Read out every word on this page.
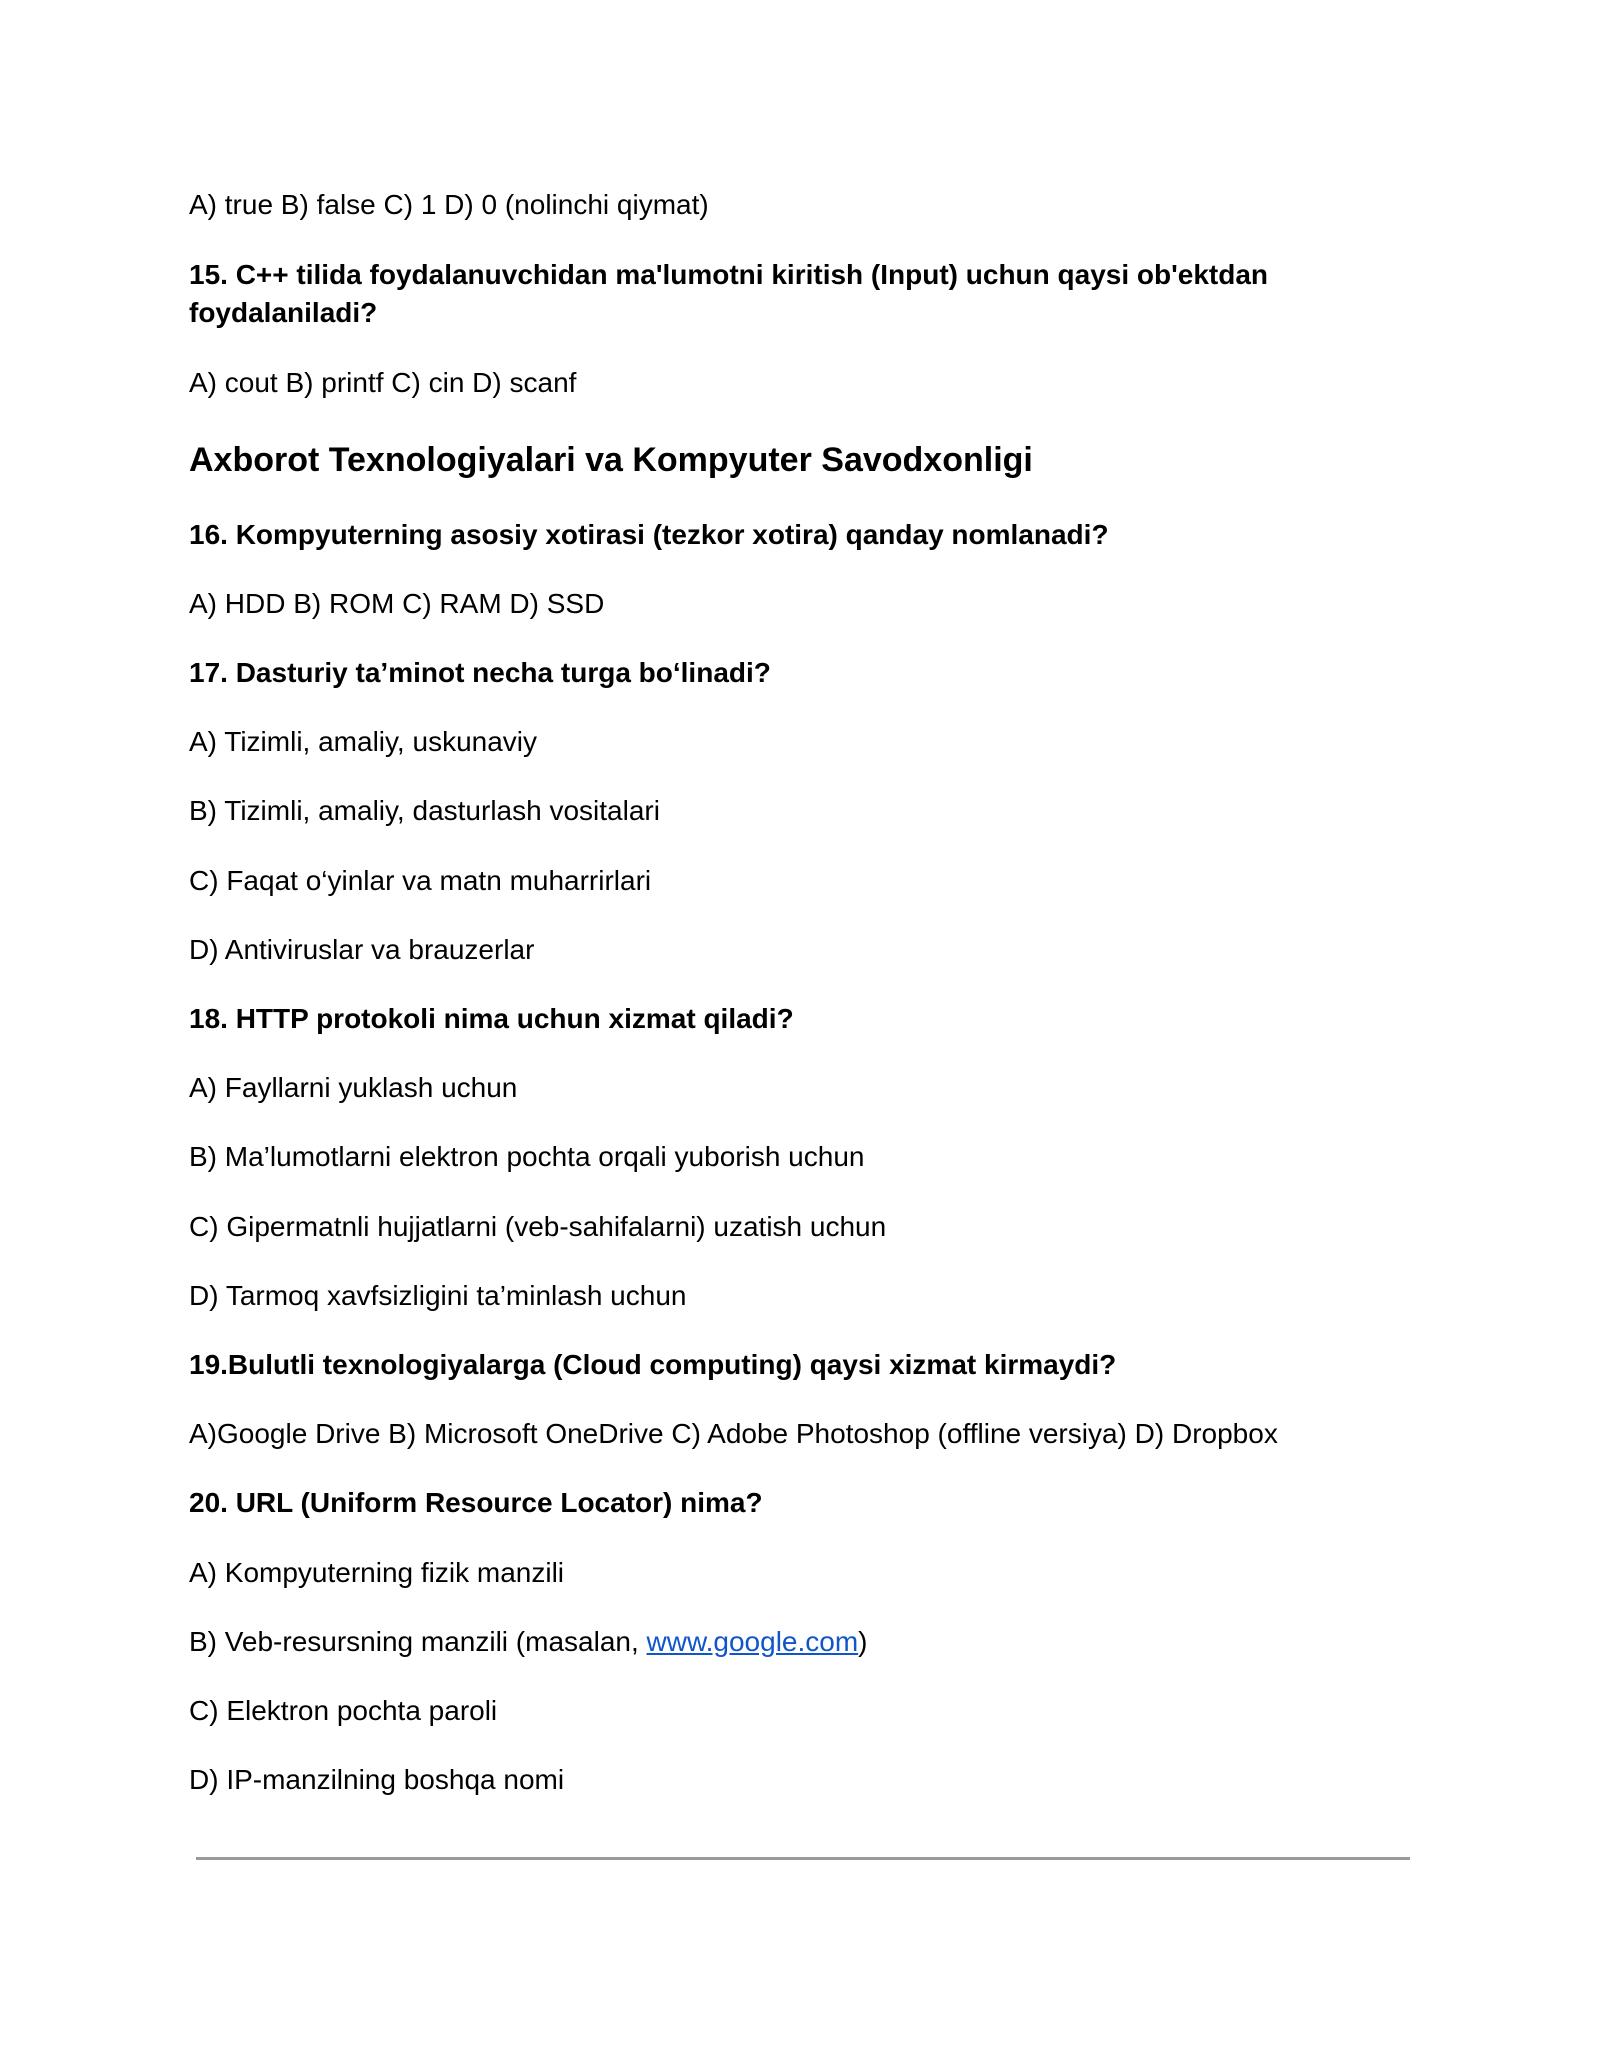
A) true B) false C) 1 D) 0 (nolinchi qiymat)
15. C++ tilida foydalanuvchidan ma'lumotni kiritish (Input) uchun qaysi ob'ektdan
foydalaniladi?
A) cout B) printf C) cin D) scanf
Axborot Texnologiyalari va Kompyuter Savodxonligi
16. Kompyuterning asosiy xotirasi (tezkor xotira) qanday nomlanadi?
A) HDD B) ROM C) RAM D) SSD
17. Dasturiy ta’minot necha turga bo‘linadi?
A) Tizimli, amaliy, uskunaviy
B) Tizimli, amaliy, dasturlash vositalari
C) Faqat o‘yinlar va matn muharrirlari
D) Antiviruslar va brauzerlar
18. HTTP protokoli nima uchun xizmat qiladi?
A) Fayllarni yuklash uchun
B) Ma’lumotlarni elektron pochta orqali yuborish uchun
C) Gipermatnli hujjatlarni (veb-sahifalarni) uzatish uchun
D) Tarmoq xavfsizligini ta’minlash uchun
19.Bulutli texnologiyalarga (Cloud computing) qaysi xizmat kirmaydi?
A)Google Drive B) Microsoft OneDrive C) Adobe Photoshop (offline versiya) D) Dropbox
20. URL (Uniform Resource Locator) nima?
A) Kompyuterning fizik manzili
B) Veb-resursning manzili (masalan, www.google.com)
C) Elektron pochta paroli
D) IP-manzilning boshqa nomi
